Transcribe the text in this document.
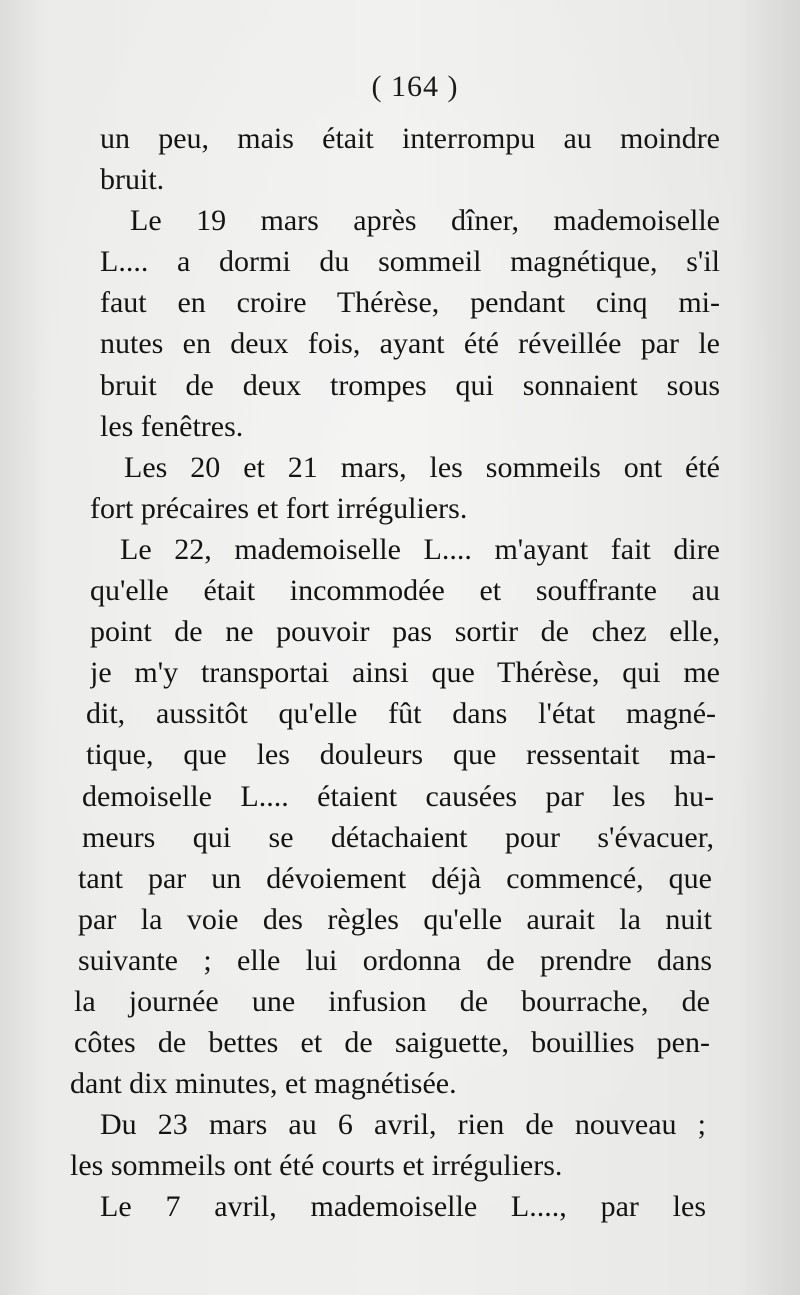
( 164 )
un peu, mais était interrompu au moindre
bruit.
Le 19 mars après dîner, mademoiselle
L.... a dormi du sommeil magnétique, s'il
faut en croire Thérèse, pendant cinq mi-
nutes en deux fois, ayant été réveillée par le
bruit de deux trompes qui sonnaient sous
les fenêtres.
Les 20 et 21 mars, les sommeils ont été
fort précaires et fort irréguliers.
Le 22, mademoiselle L.... m'ayant fait dire
qu'elle était incommodée et souffrante au
point de ne pouvoir pas sortir de chez elle,
je m'y transportai ainsi que Thérèse, qui me
dit, aussitôt qu'elle fût dans l'état magné-
tique, que les douleurs que ressentait ma-
demoiselle L.... étaient causées par les hu-
meurs qui se détachaient pour s'évacuer,
tant par un dévoiement déjà commencé, que
par la voie des règles qu'elle aurait la nuit
suivante ; elle lui ordonna de prendre dans
la journée une infusion de bourrache, de
côtes de bettes et de saiguette, bouillies pen-
dant dix minutes, et magnétisée.
Du 23 mars au 6 avril, rien de nouveau ;
les sommeils ont été courts et irréguliers.
Le 7 avril, mademoiselle L...., par les
